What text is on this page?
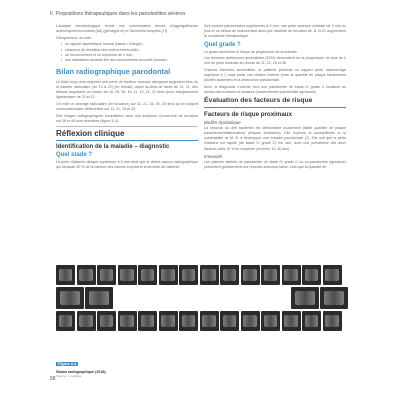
II. Propositions thérapeutiques dans les parodontites sévères

L'analyse microbiologique révèle une concentration élevée d'Aggregatibacter actinomycetemcomitans (Aa) (génotype et) et Tannerella forsythia (Tf).

Cliniquement, on note :

• un rapport squelettique normal (classe I d'Angle) ;
• l'absence de déviation des milieux interincisifs ;
• un recouvrement et un surplomb de 2 mm ;
• une édentation centrale liée des mouvements excursifs buccaux.
Bilan radiographique parodontal

Le bilan long cône objective une perte de hauteur osseuse atteignant largement tiers de la hauteur radiculaire (de 13 à 22) (en mésial), allant au-delà de faces de 11, 21, des défauts angulaires au niveau de 16, 26, 36, 46, 11, 12, 21, 22 ainsi qu'un élargissement ligamentaire de 22 et 12.

On note un ancrage radiculaire (en furcation) sur 11, 21, 15, 26, 25 ainsi qu'un support coronoradiculaire défavorable sur 11, 21, 15 et 25.

Des images radiographiques compatibles avec une suspicion d'ouverture de furcation sur 26 et 46 sont détectées (figure 4-4).

Réflexion clinique
Identification de la maladie – diagnostic
Quel stade ?

La perte d'attache clinique supérieure à 5 mm ainsi que le défect osseux radiographique qui dépasse 50 % de la hauteur des racines expriment la sévérité de l'atteinte.

Des poches parodontales supérieures à 6 mm, une perte osseuse verticale de 3 mm ou plus et un défaut de ostéovertical ainsi que l'atteinte de furcation de 11 et 21 augmentent la complexité thérapeutique.

Quel grade ?

Le grade recherche le risque de progression de la maladie.

Les données antérieures accessibles (2016) démontrent de la progression de plus de 2 mm de perte osseuse au niveau de 11, 21, 26 et 36.

D'autres éléments accessibles, la patiente présente un rapport perte osseuse/âge supérieur à 1 mais aussi une relation inverse entre la quantité de plaque bactérienne (biofilm bactérien) et la destruction parodontale.

Ainsi, le diagnostic s'oriente vers une parodontite de stade IV grade C localisée au niveau des incisives et molaires (anciennement parodontite agressive).

Évaluation des facteurs de risque
Facteurs de risque proximaux
Biofilm dysbiotique

La réponse au défi bactérien est défavorable localement (faible quantité de plaque bactérienne/inflammation) (étiques localisées). Elle exprime la susceptibilité et la vulnérabilité de M. B. à développer une maladie parodontale (7). Elle suit que la perte d'attache est rapide (de stade IV grade C) est rare, avec une prévalence des deux facteurs cités 10 % en moyenne (enchère 15–30 ans).

Immunité

Les patients atteints de parodontite de stade IV grade C ou ex-parodontite agressive) présentent globalement une réponse anticorps faible. Lors que la quantité de

Figure 4-4
Status radiographique (2018).
Source : L. Lafarge
58
